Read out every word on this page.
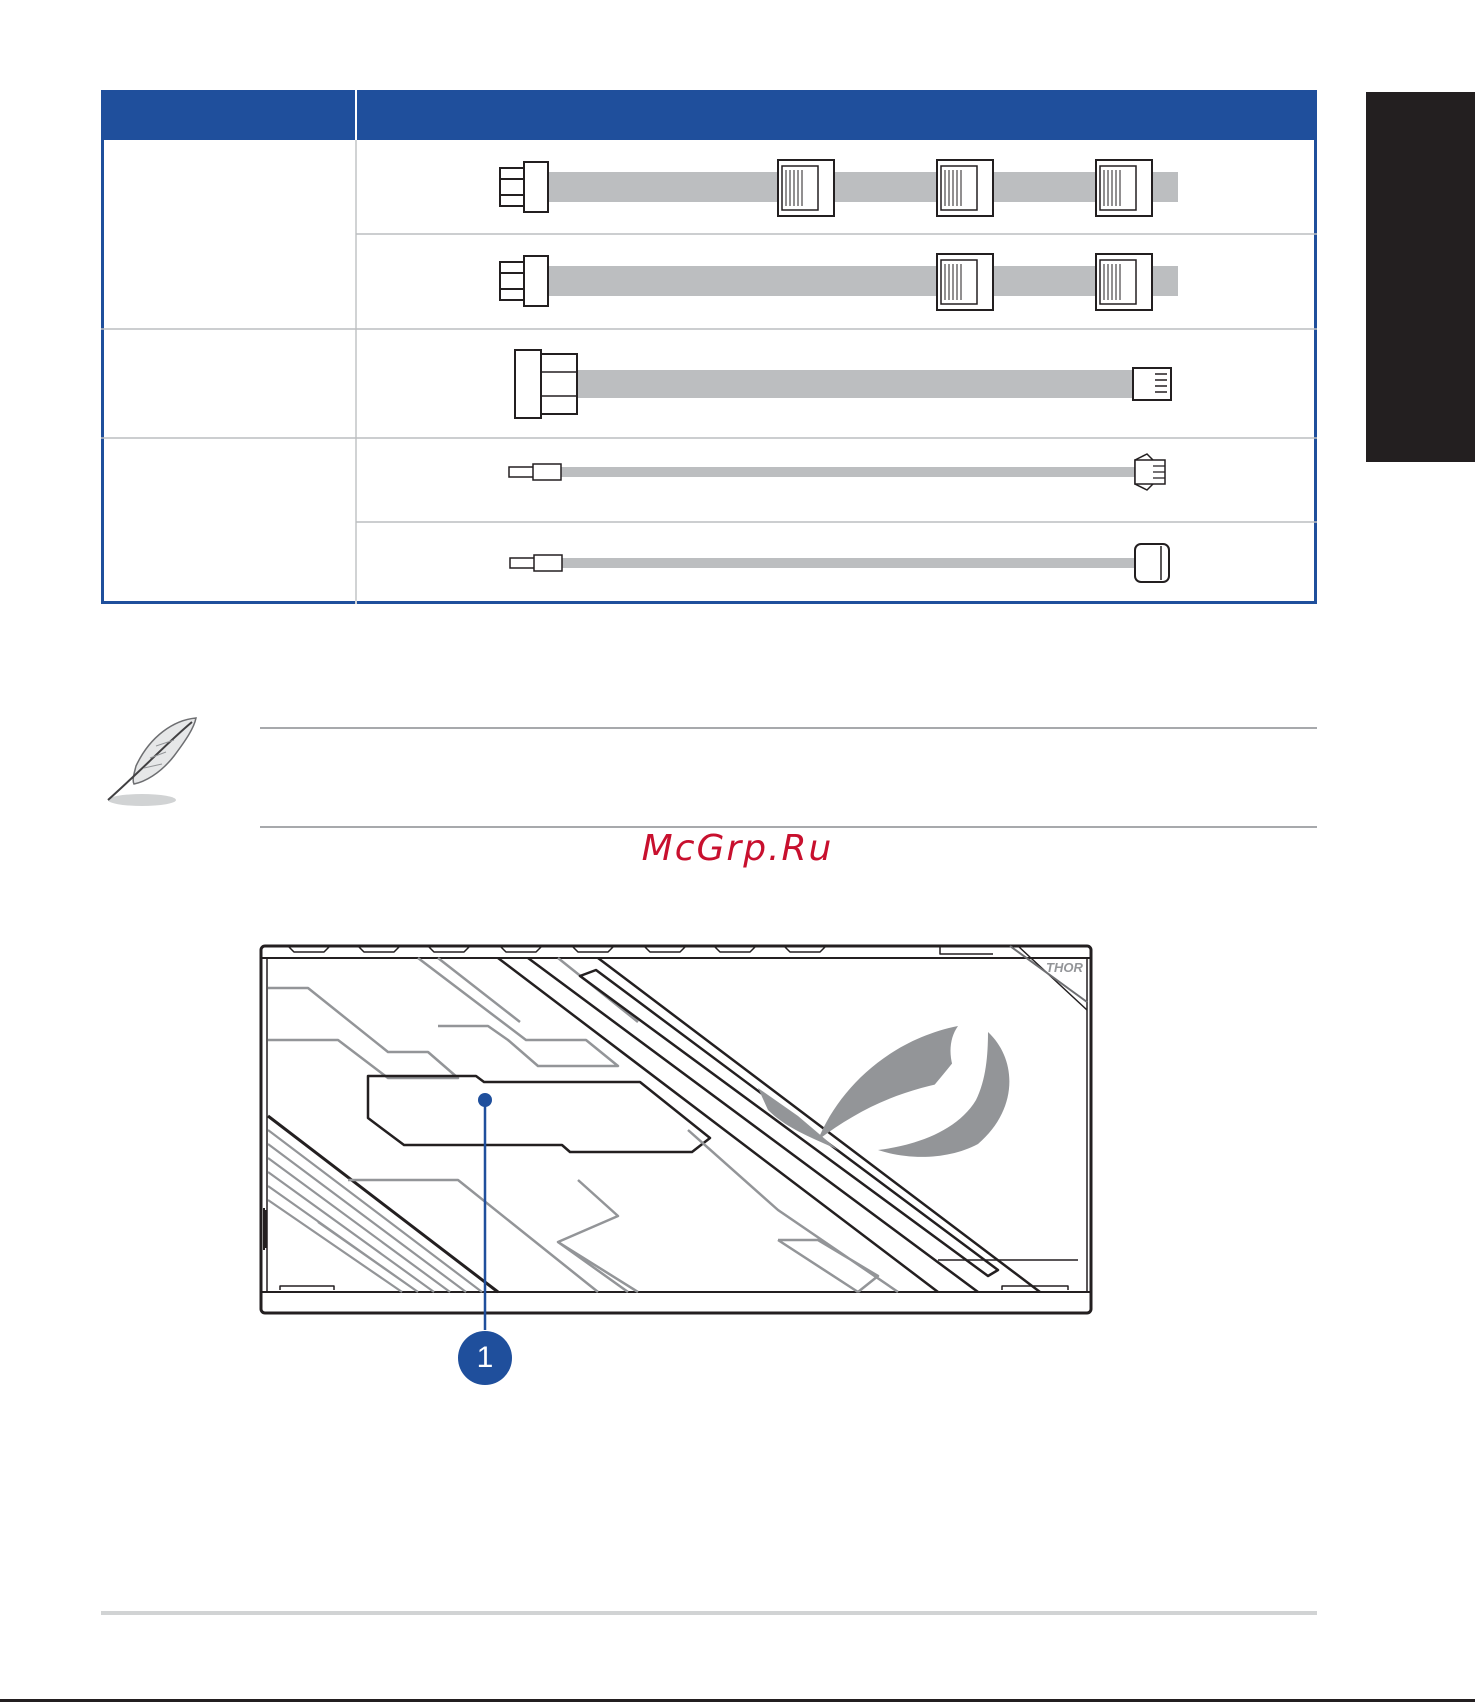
McGrp.Ru
THOR
1
